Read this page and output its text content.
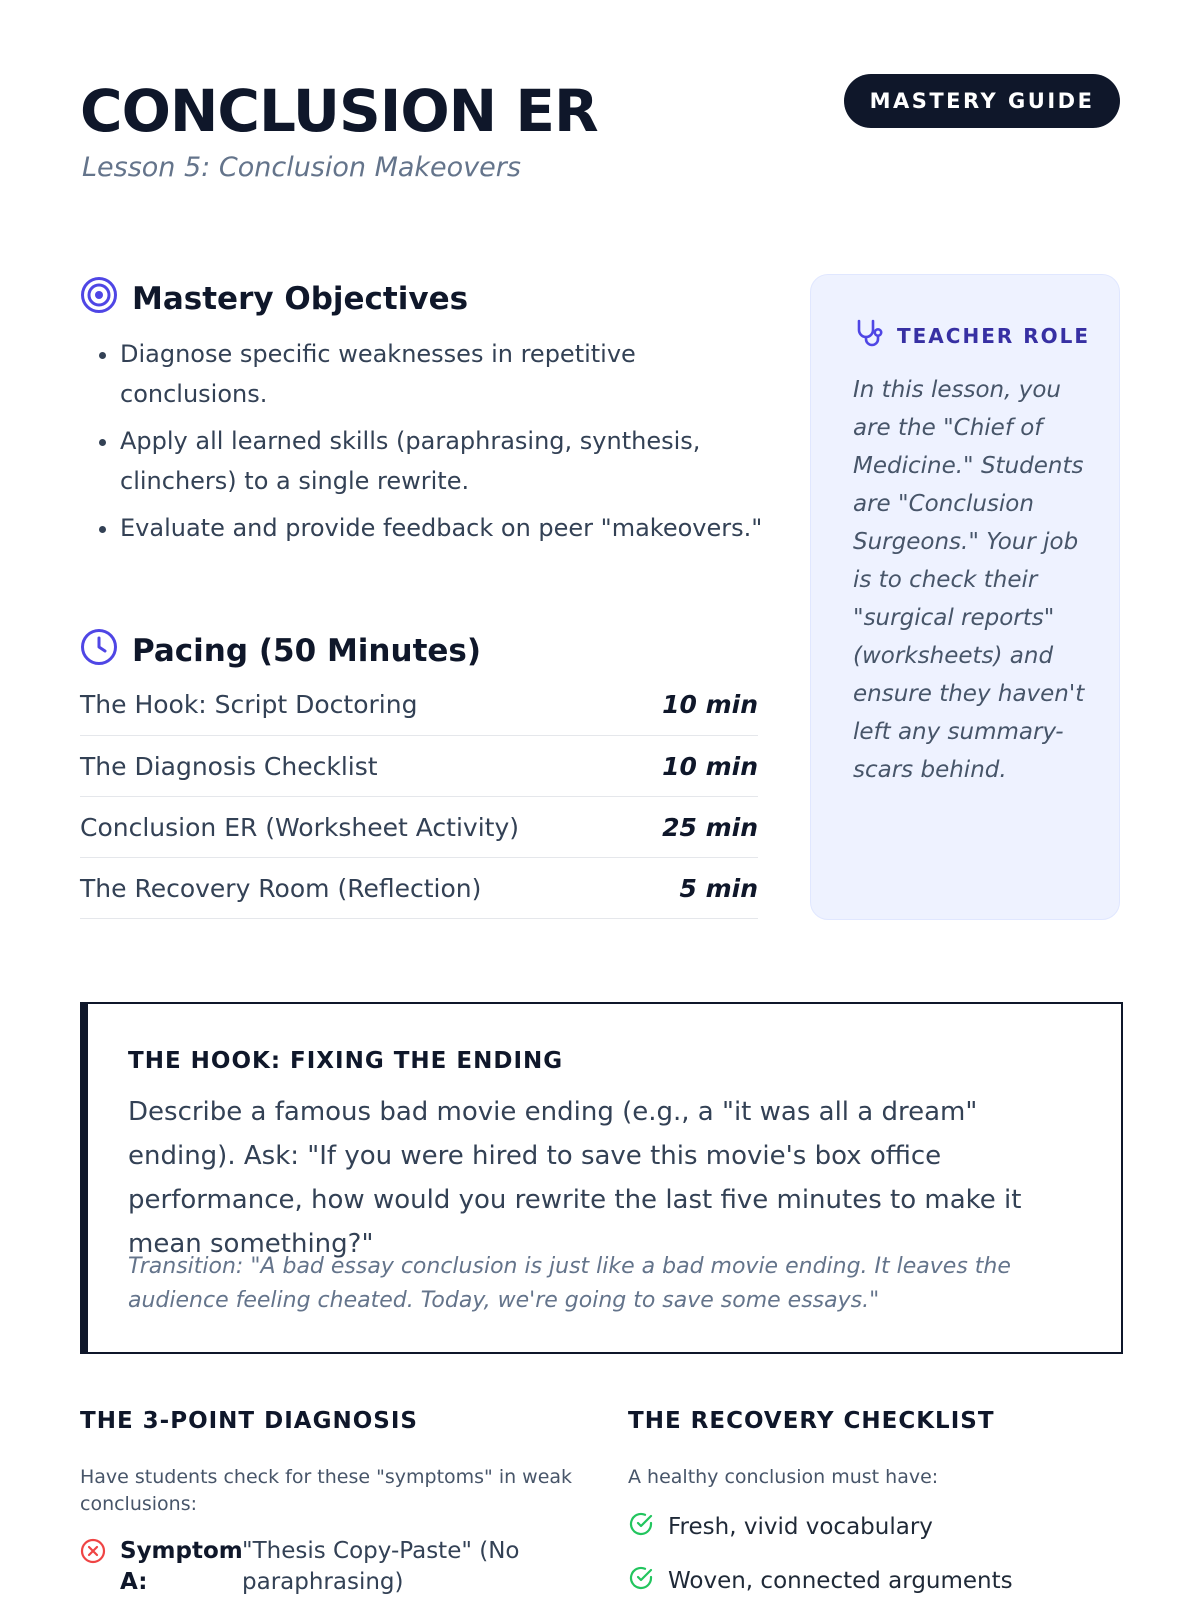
CONCLUSION ER
Lesson 5: Conclusion Makeovers
MASTERY GUIDE
Mastery Objectives
• Diagnose specific weaknesses in repetitive conclusions.
• Apply all learned skills (paraphrasing, synthesis, clinchers) to a single rewrite.
• Evaluate and provide feedback on peer "makeovers."
Pacing (50 Minutes)
The Hook: Script Doctoring	10 min
The Diagnosis Checklist	10 min
Conclusion ER (Worksheet Activity)	25 min
The Recovery Room (Reflection)	5 min
TEACHER ROLE
In this lesson, you are the "Chief of Medicine." Students are "Conclusion Surgeons." Your job is to check their "surgical reports" (worksheets) and ensure they haven't left any summary-scars behind.
THE HOOK: FIXING THE ENDING
Describe a famous bad movie ending (e.g., a "it was all a dream" ending). Ask: "If you were hired to save this movie's box office performance, how would you rewrite the last five minutes to make it mean something?"
Transition: "A bad essay conclusion is just like a bad movie ending. It leaves the audience feeling cheated. Today, we're going to save some essays."
THE 3-POINT DIAGNOSIS
Have students check for these "symptoms" in weak conclusions:
Symptom A:
"Thesis Copy-Paste" (No paraphrasing)
THE RECOVERY CHECKLIST
A healthy conclusion must have:
Fresh, vivid vocabulary
Woven, connected arguments
